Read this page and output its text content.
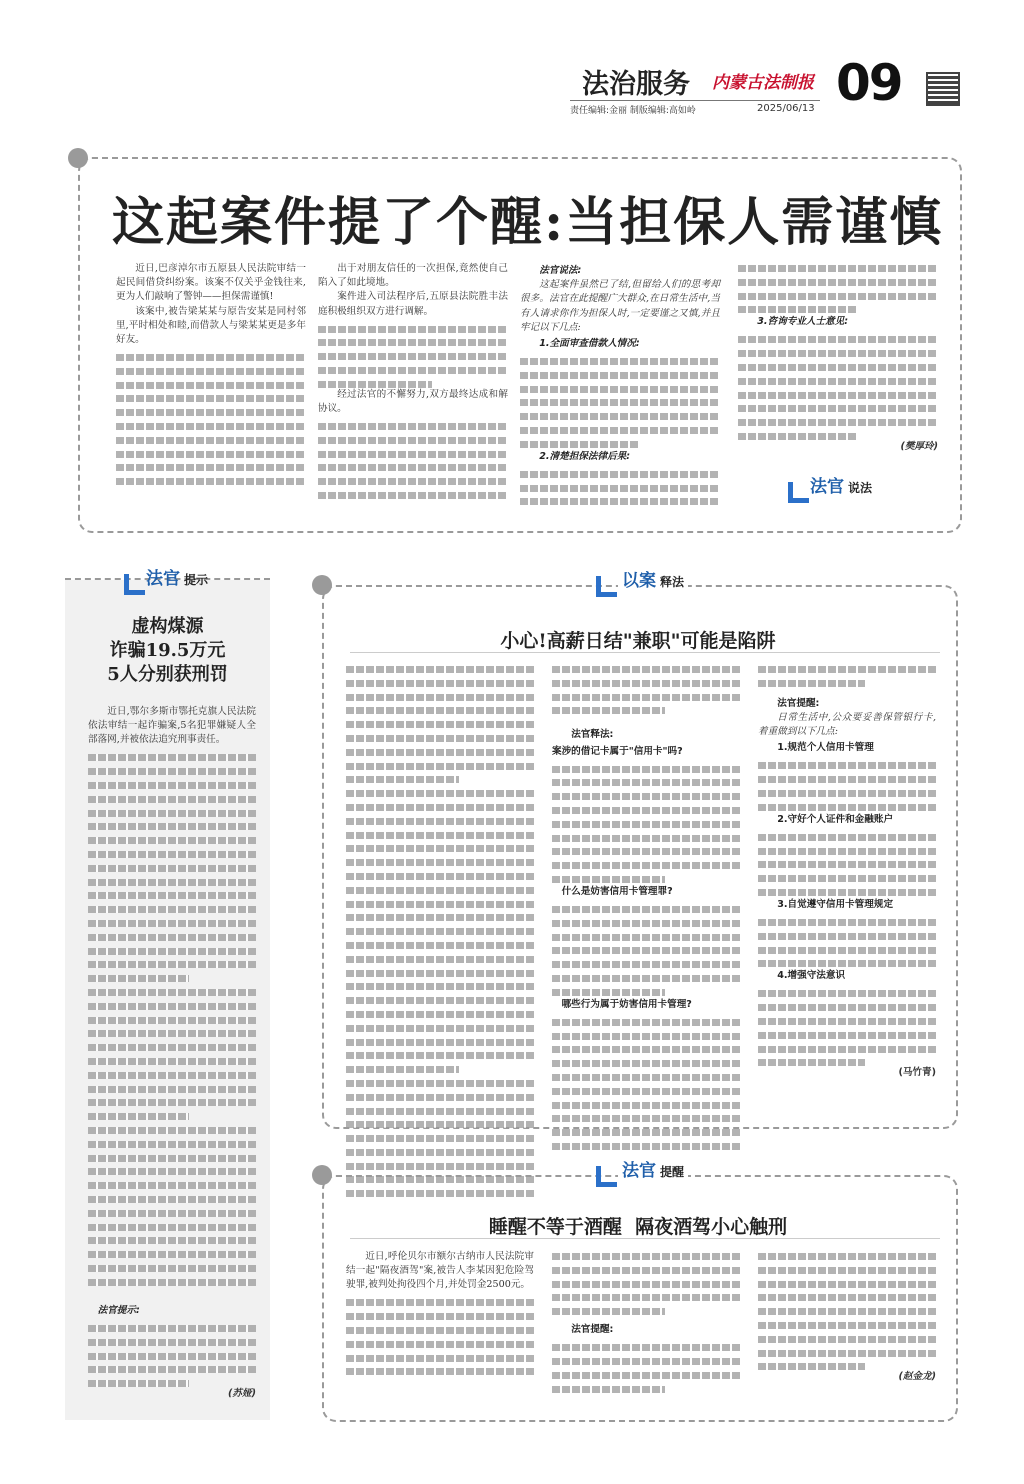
法治服务 内蒙古法制报 09
责任编辑:金丽 制版编辑:高如岭	2025/06/13
这起案件提了个醒:当担保人需谨慎

近日,巴彦淖尔市五原县人民法院审结一起民间借贷纠纷案。该案不仅关乎金钱往来,更为人们敲响了警钟——担保需谨慎!

该案中,被告梁某某与原告安某是同村邻里,平时相处和睦,而借款人与梁某某更是多年好友。

出于对朋友信任的一次担保,竟然使自己陷入了如此境地。

案件进入司法程序后,五原县法院胜丰法庭积极组织双方进行调解。

经过法官的不懈努力,双方最终达成和解协议。

法官说法:

这起案件虽然已了结,但留给人们的思考却很多。法官在此提醒广大群众,在日常生活中,当有人请求你作为担保人时,一定要谨之又慎,并且牢记以下几点:

1.全面审查借款人情况:

2.清楚担保法律后果:

3.咨询专业人士意见:

(樊厚玲)
法官 说法
法官 提示
虚构煤源
诈骗19.5万元
5人分别获刑罚

近日,鄂尔多斯市鄂托克旗人民法院依法审结一起诈骗案,5名犯罪嫌疑人全部落网,并被依法追究刑事责任。

法官提示:

(苏娅)
以案 释法
小心!高薪日结"兼职"可能是陷阱

法官释法:

案涉的借记卡属于"信用卡"吗?

什么是妨害信用卡管理罪?

哪些行为属于妨害信用卡管理?

法官提醒:

日常生活中,公众要妥善保管银行卡,着重做到以下几点:

1.规范个人信用卡管理

2.守好个人证件和金融账户

3.自觉遵守信用卡管理规定

4.增强守法意识

(马竹青)
法官 提醒
睡醒不等于酒醒  隔夜酒驾小心触刑

近日,呼伦贝尔市额尔古纳市人民法院审结一起"隔夜酒驾"案,被告人李某因犯危险驾驶罪,被判处拘役四个月,并处罚金2500元。

法官提醒:

(赵金龙)
